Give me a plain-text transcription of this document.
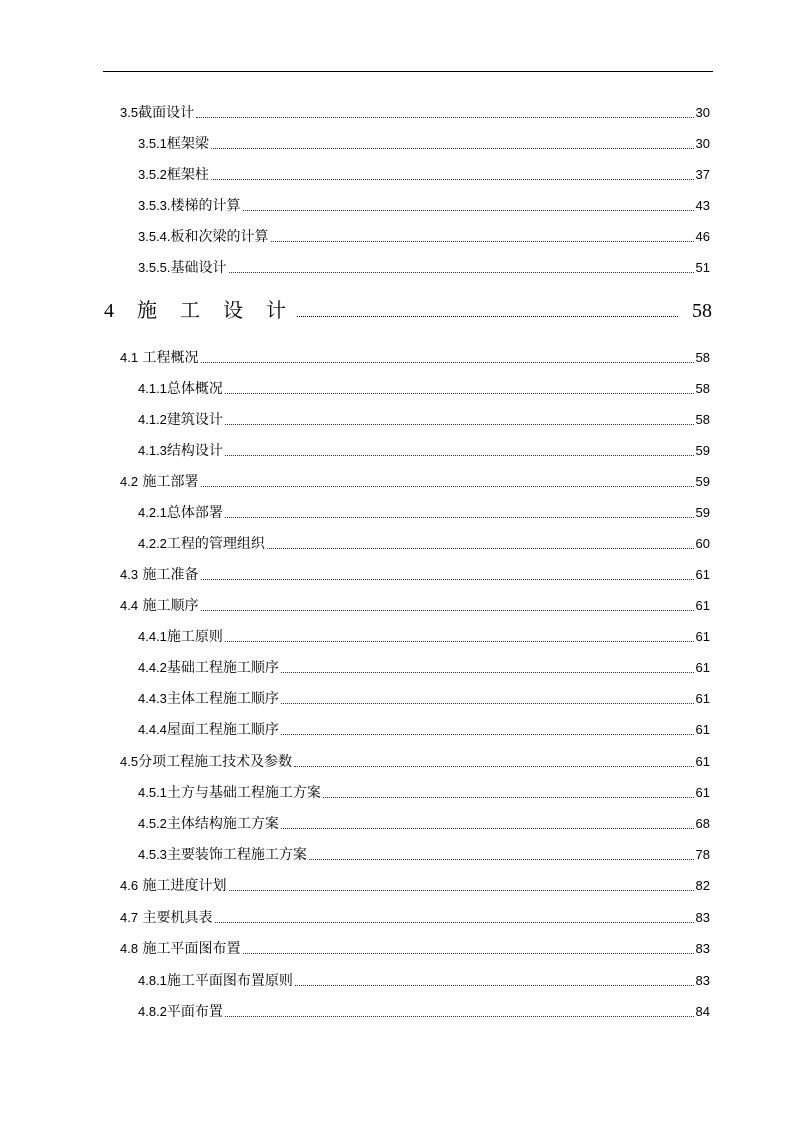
3.5截面设计	30
3.5.1框架梁	30
3.5.2框架柱	37
3.5.3.楼梯的计算	43
3.5.4.板和次梁的计算	46
3.5.5.基础设计	51
4 施 工 设 计	58
4.1 工程概况	58
4.1.1总体概况	58
4.1.2建筑设计	58
4.1.3结构设计	59
4.2 施工部署	59
4.2.1总体部署	59
4.2.2工程的管理组织	60
4.3 施工准备	61
4.4 施工顺序	61
4.4.1施工原则	61
4.4.2基础工程施工顺序	61
4.4.3主体工程施工顺序	61
4.4.4屋面工程施工顺序	61
4.5分项工程施工技术及参数	61
4.5.1土方与基础工程施工方案	61
4.5.2主体结构施工方案	68
4.5.3主要装饰工程施工方案	78
4.6 施工进度计划	82
4.7 主要机具表	83
4.8 施工平面图布置	83
4.8.1施工平面图布置原则	83
4.8.2平面布置	84
